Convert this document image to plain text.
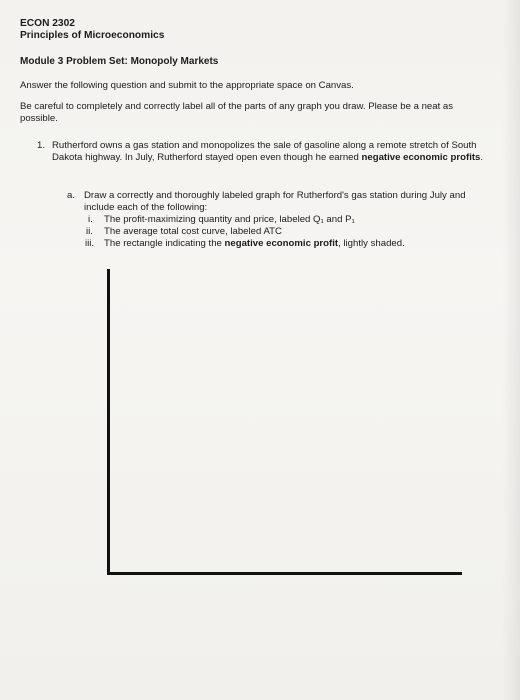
ECON 2302
Principles of Microeconomics
Module 3 Problem Set: Monopoly Markets
Answer the following question and submit to the appropriate space on Canvas.
Be careful to completely and correctly label all of the parts of any graph you draw. Please be a neat as possible.
1. Rutherford owns a gas station and monopolizes the sale of gasoline along a remote stretch of South Dakota highway. In July, Rutherford stayed open even though he earned negative economic profits.
a. Draw a correctly and thoroughly labeled graph for Rutherford's gas station during July and include each of the following:
i. The profit-maximizing quantity and price, labeled Q₁ and P₁
ii. The average total cost curve, labeled ATC
iii. The rectangle indicating the negative economic profit, lightly shaded.
